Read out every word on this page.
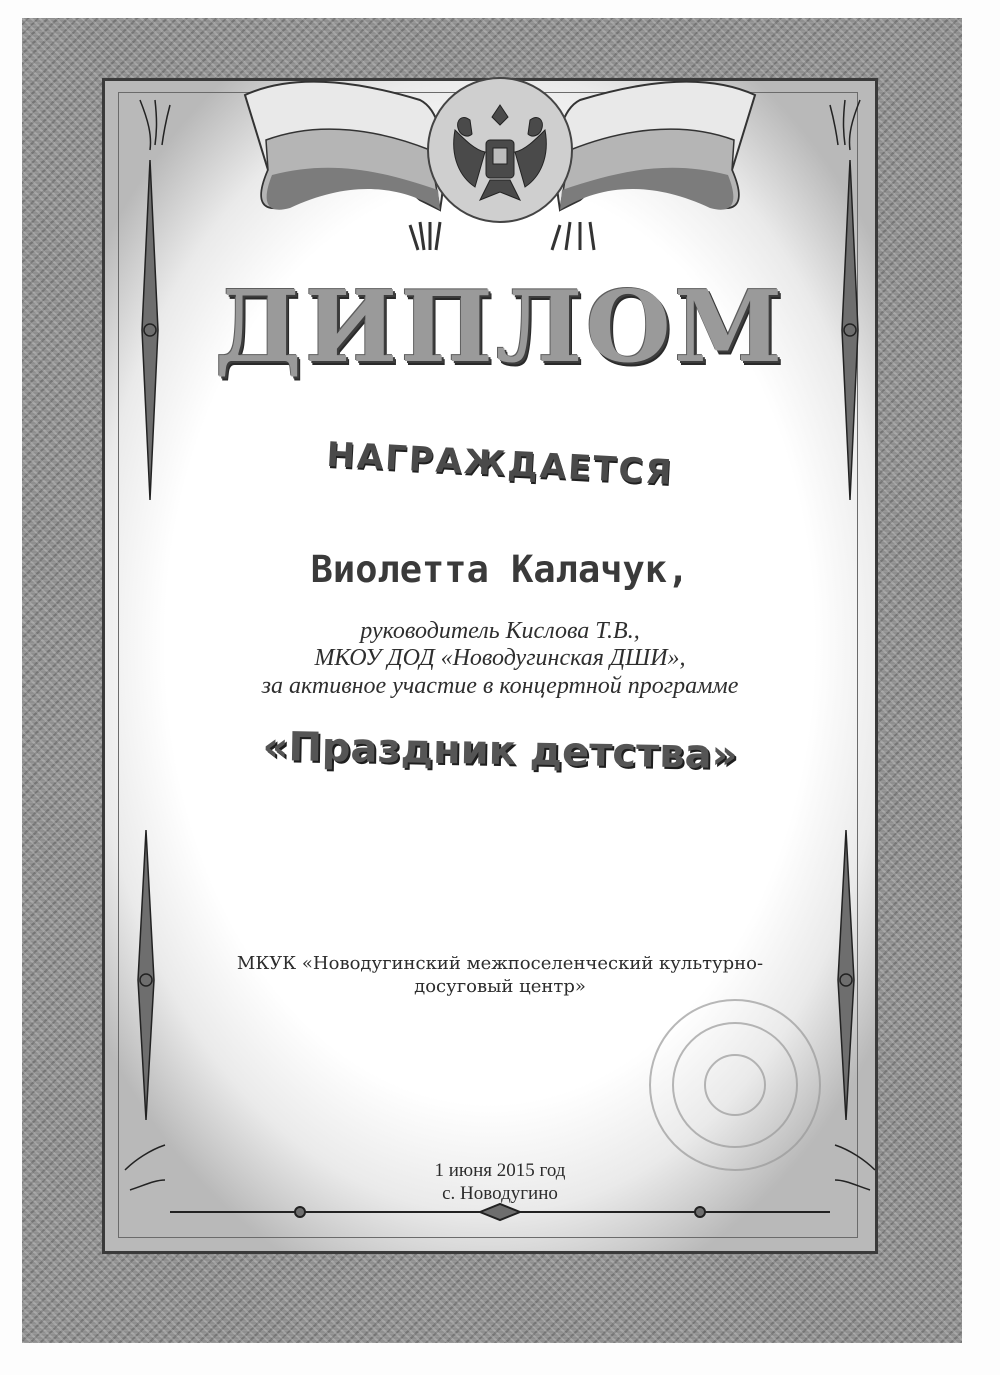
ДИПЛОМ
НАГРАЖДАЕТСЯ
Виолетта Калачук,
руководитель Кислова Т.В.,
МКОУ ДОД «Новодугинская ДШИ»,
за активное участие в концертной программе
«Праздник детства»
МКУК «Новодугинский межпоселенческий культурно-
досуговый центр»
1 июня 2015 год
с. Новодугино
